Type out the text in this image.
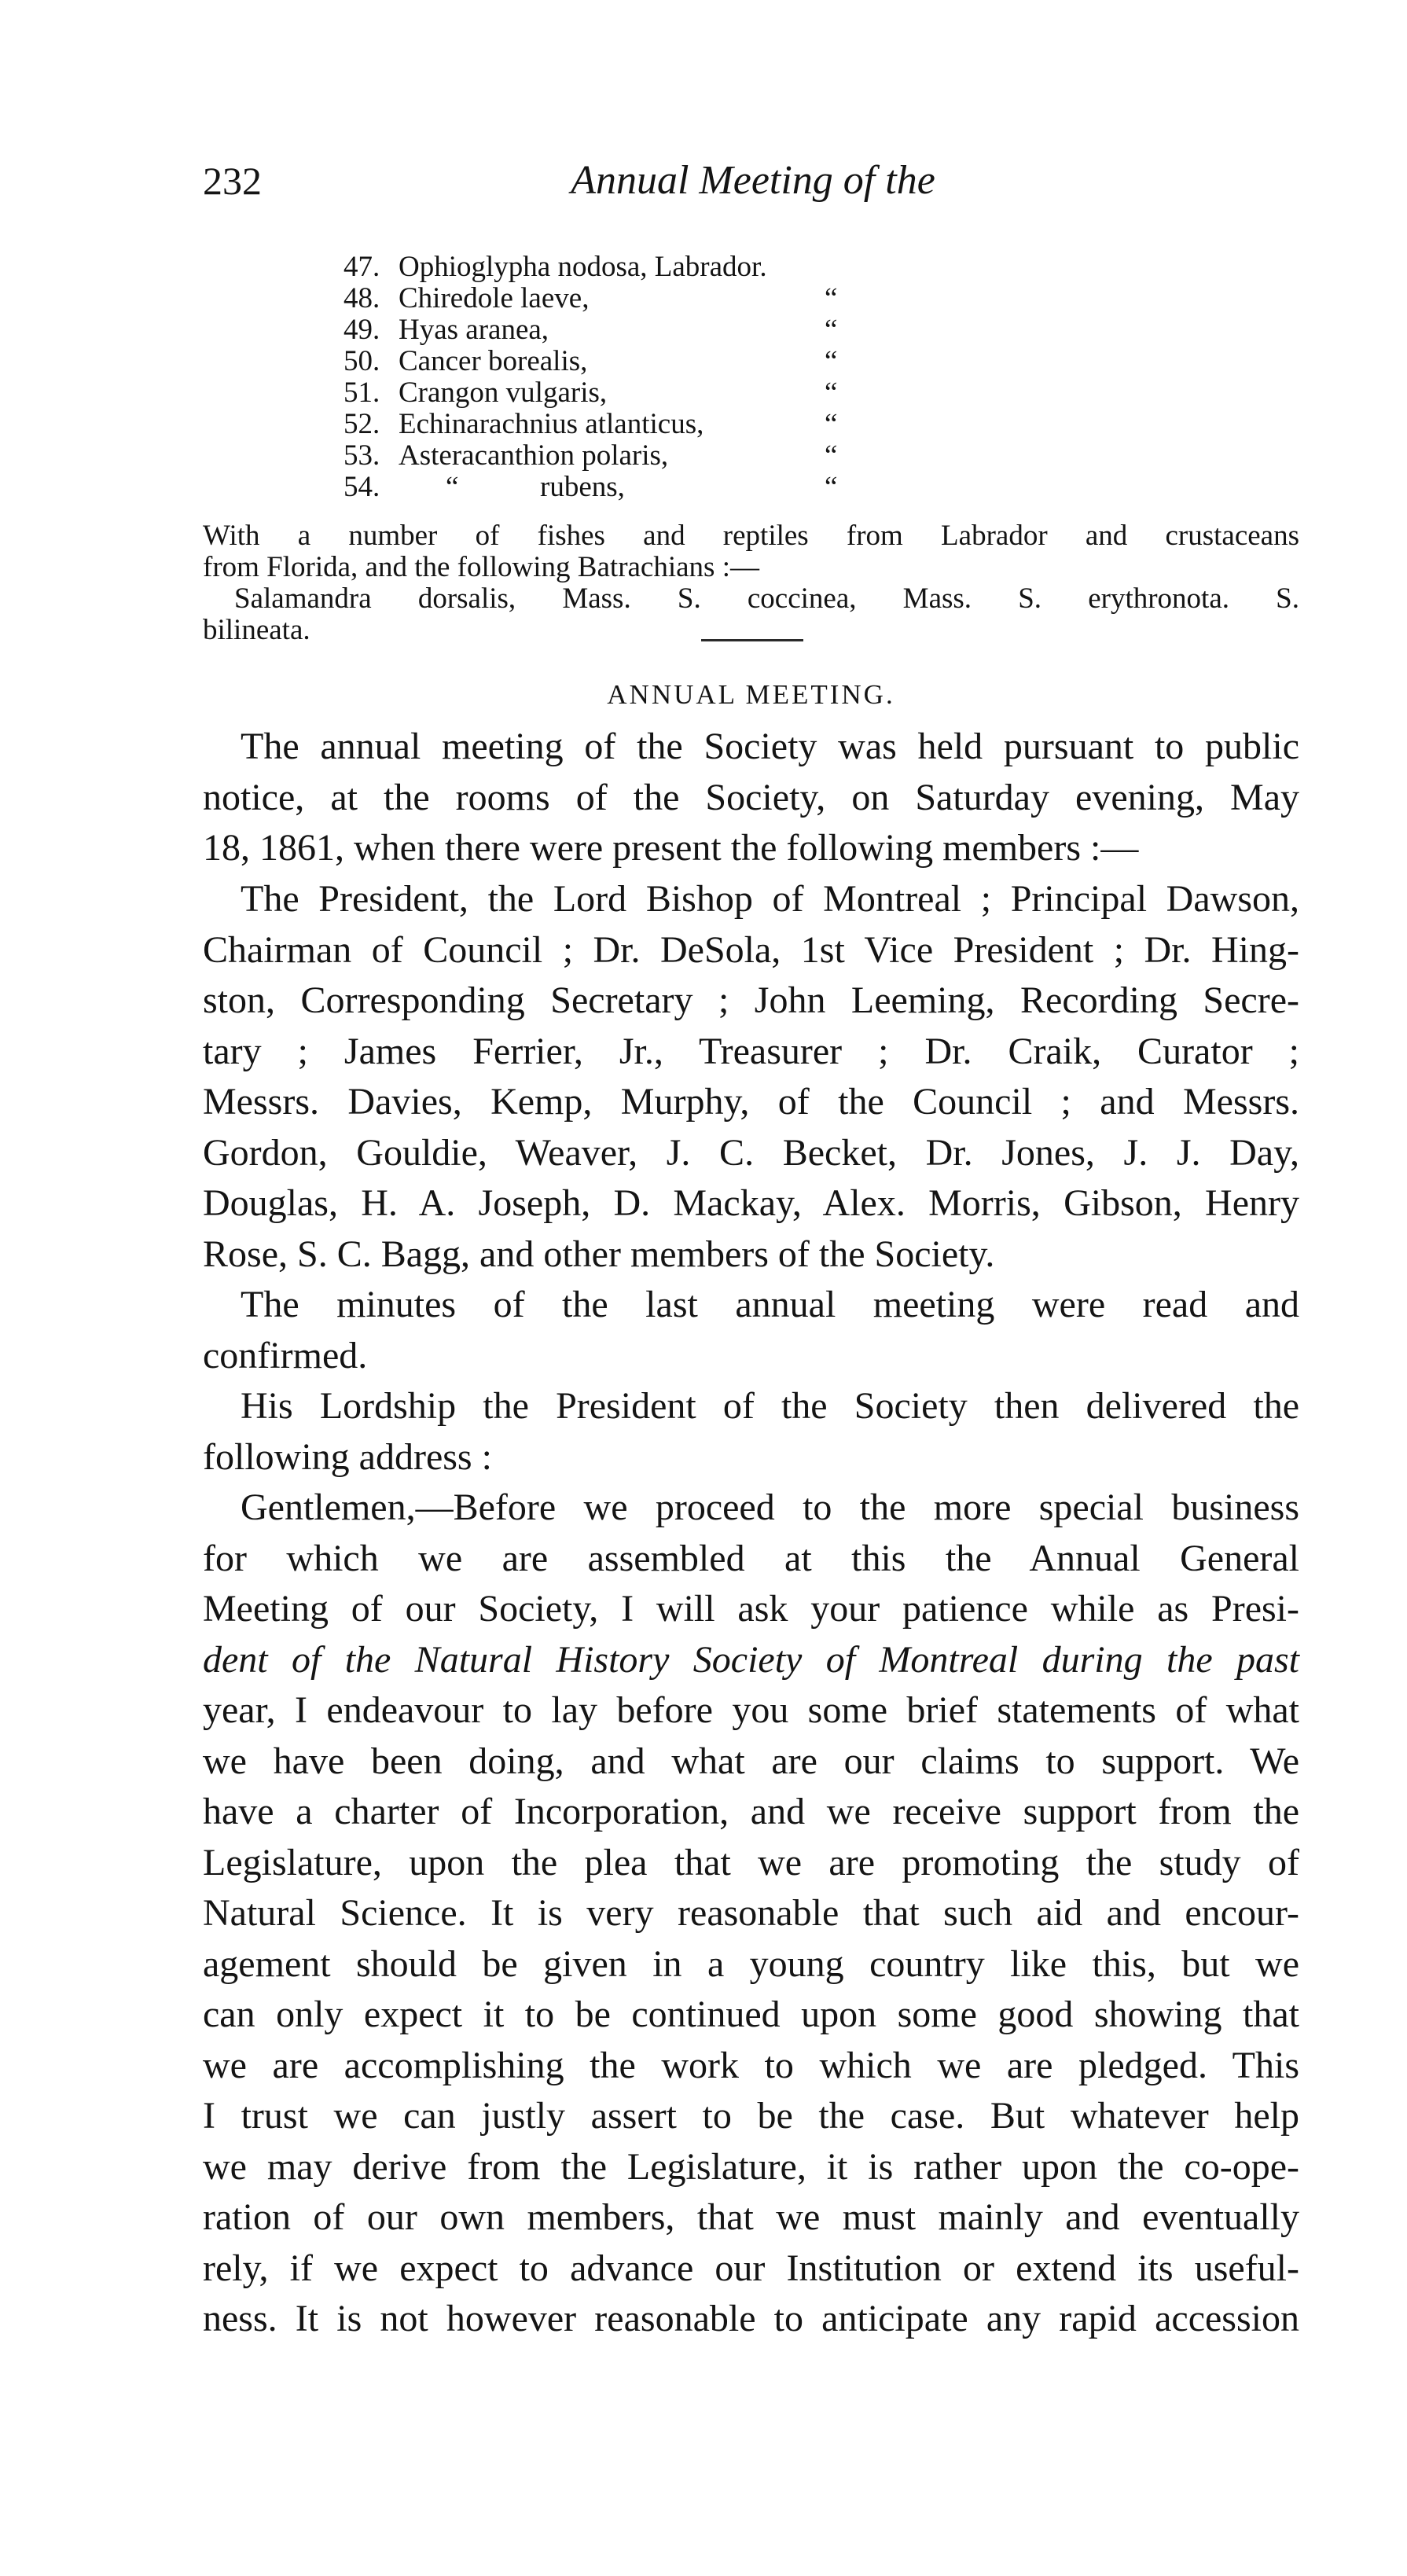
232	Annual Meeting of the
47. Ophioglypha nodosa, Labrador.
48. Chiredole laeve,	“
49. Hyas aranea,	“
50. Cancer borealis,	“
51. Crangon vulgaris,	“
52. Echinarachnius atlanticus,	“
53. Asteracanthion polaris,	“
54. “	rubens,	“
With a number of fishes and reptiles from Labrador and crustaceans
from Florida, and the following Batrachians :—
Salamandra dorsalis, Mass. S. coccinea, Mass. S. erythronota. S.
bilineata.
ANNUAL MEETING.
The annual meeting of the Society was held pursuant to public
notice, at the rooms of the Society, on Saturday evening, May
18, 1861, when there were present the following members :—
The President, the Lord Bishop of Montreal ; Principal Dawson,
Chairman of Council ; Dr. DeSola, 1st Vice President ; Dr. Hing-
ston, Corresponding Secretary ; John Leeming, Recording Secre-
tary ; James Ferrier, Jr., Treasurer ; Dr. Craik, Curator ;
Messrs. Davies, Kemp, Murphy, of the Council ; and Messrs.
Gordon, Gouldie, Weaver, J. C. Becket, Dr. Jones, J. J. Day,
Douglas, H. A. Joseph, D. Mackay, Alex. Morris, Gibson, Henry
Rose, S. C. Bagg, and other members of the Society.
The minutes of the last annual meeting were read and
confirmed.
His Lordship the President of the Society then delivered the
following address :
Gentlemen,—Before we proceed to the more special business
for which we are assembled at this the Annual General
Meeting of our Society, I will ask your patience while as Presi-
dent of the Natural History Society of Montreal during the past
year, I endeavour to lay before you some brief statements of what
we have been doing, and what are our claims to support. We
have a charter of Incorporation, and we receive support from the
Legislature, upon the plea that we are promoting the study of
Natural Science. It is very reasonable that such aid and encour-
agement should be given in a young country like this, but we
can only expect it to be continued upon some good showing that
we are accomplishing the work to which we are pledged. This
I trust we can justly assert to be the case. But whatever help
we may derive from the Legislature, it is rather upon the co-ope-
ration of our own members, that we must mainly and eventually
rely, if we expect to advance our Institution or extend its useful-
ness. It is not however reasonable to anticipate any rapid accession
